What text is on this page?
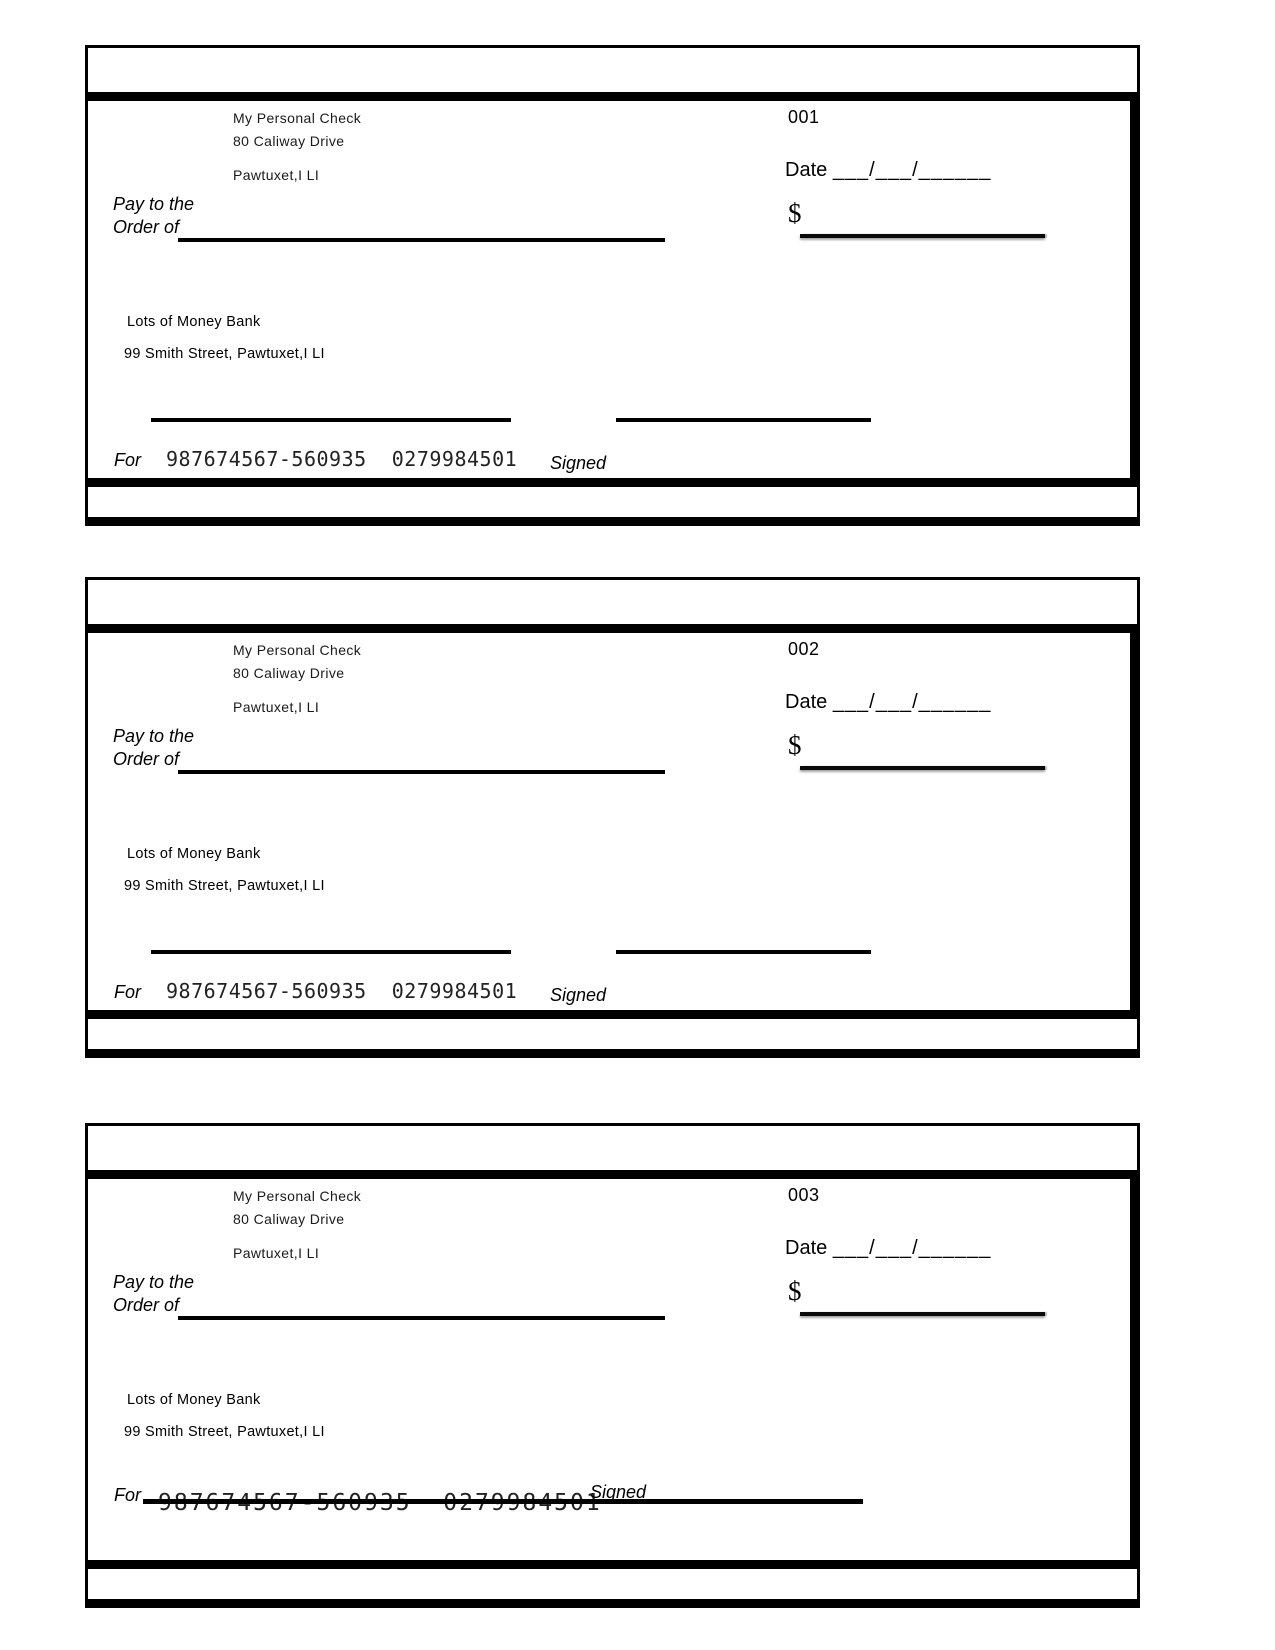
My Personal Check
80 Caliway Drive
Pawtuxet,I LI
001
Date ___/___/______
Pay to the
Order of	$
Lots of Money Bank
99 Smith Street, Pawtuxet,I LI
For 987674567-560935  0279984501 Signed
My Personal Check
80 Caliway Drive
Pawtuxet,I LI
002
Date ___/___/______
Pay to the
Order of	$
Lots of Money Bank
99 Smith Street, Pawtuxet,I LI
For 987674567-560935  0279984501 Signed
My Personal Check
80 Caliway Drive
Pawtuxet,I LI
003
Date ___/___/______
Pay to the
Order of	$
Lots of Money Bank
99 Smith Street, Pawtuxet,I LI
For	Signed
